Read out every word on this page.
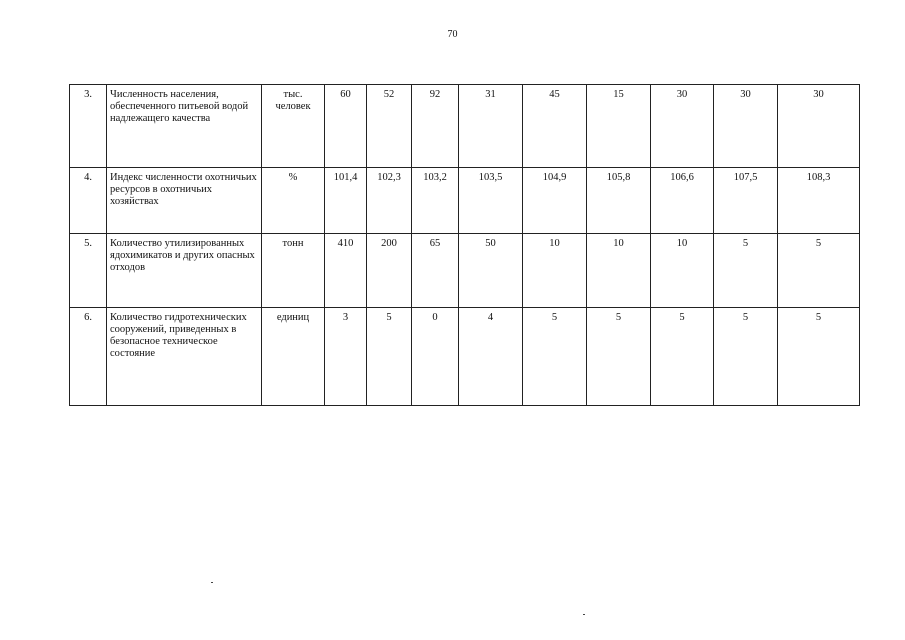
70
3.	Численность населения, обеспеченного питьевой водой надлежащего качества	тыс. человек	60	52	92	31	45	15	30	30	30
4.	Индекс численности охотничьих ресурсов в охотничьих хозяйствах	%	101,4	102,3	103,2	103,5	104,9	105,8	106,6	107,5	108,3
5.	Количество утилизированных ядохимикатов и других опасных отходов	тонн	410	200	65	50	10	10	10	5	5
6.	Количество гидротехнических сооружений, приведенных в безопасное техническое состояние	единиц	3	5	0	4	5	5	5	5	5
